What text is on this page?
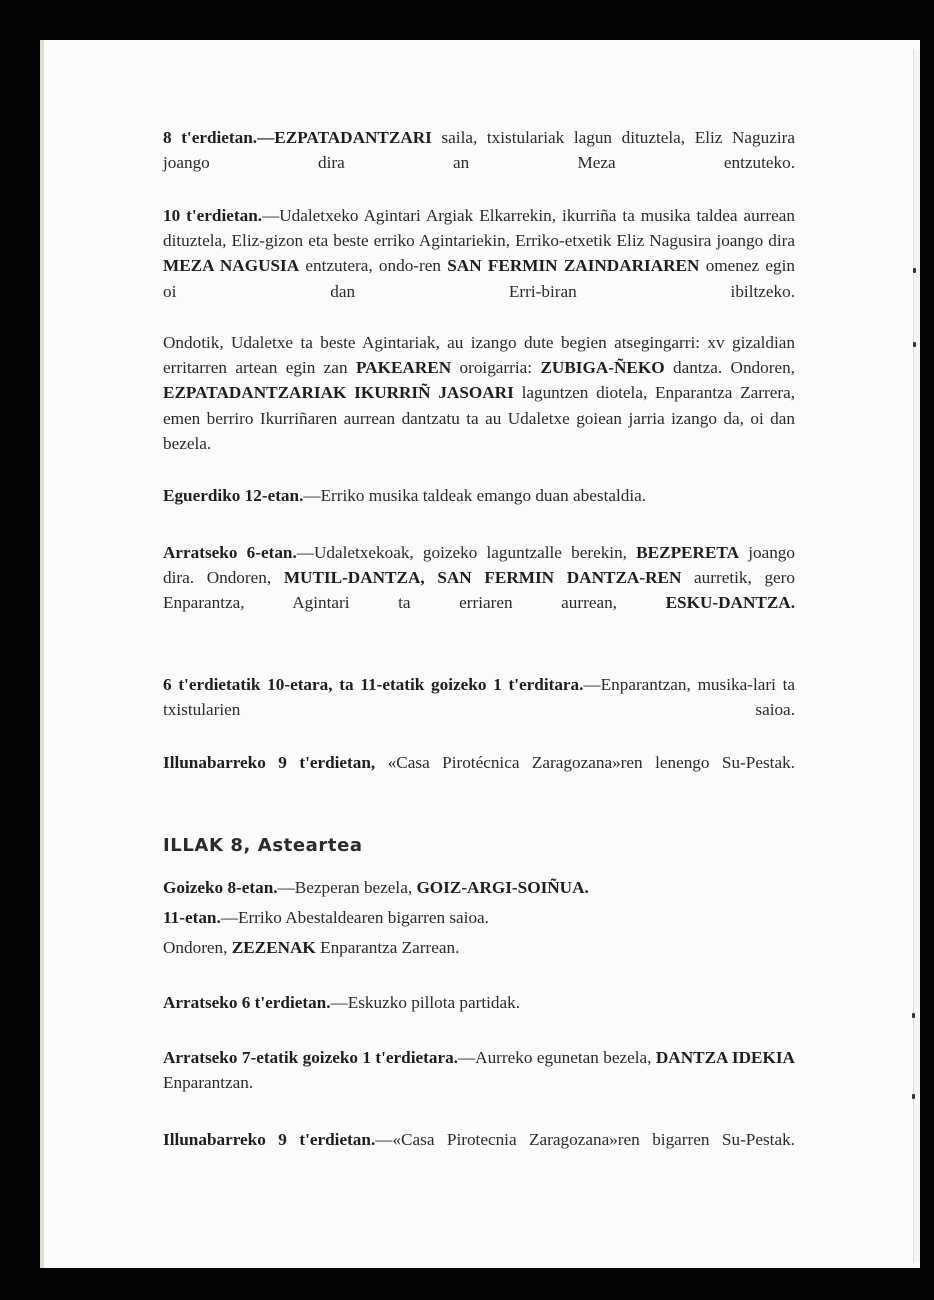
8 t'erdietan.—EZPATADANTZARI saila, txistulariak lagun dituztela, Eliz Naguzira joango dira an Meza entzuteko.

10 t'erdietan.—Udaletxeko Agintari Argiak Elkarrekin, ikurriña ta musika taldea aurrean dituztela, Eliz-gizon eta beste erriko Agintariekin, Erriko-etxetik Eliz Nagusira joango dira MEZA NAGUSIA entzutera, ondo-ren SAN FERMIN ZAINDARIAREN omenez egin oi dan Erri-biran ibiltzeko.

Ondotik, Udaletxe ta beste Agintariak, au izango dute begien atsegingarri: xv gizaldian erritarren artean egin zan PAKEAREN oroigarria: ZUBIGA-ÑEKO dantza. Ondoren, EZPATADANTZARIAK IKURRIÑ JASOARI laguntzen diotela, Enparantza Zarrera, emen berriro Ikurriñaren aurrean dantzatu ta au Udaletxe goiean jarria izango da, oi dan bezela.

Eguerdiko 12-etan.—Erriko musika taldeak emango duan abestaldia.

Arratseko 6-etan.—Udaletxekoak, goizeko laguntzalle berekin, BEZPERETA joango dira. Ondoren, MUTIL-DANTZA, SAN FERMIN DANTZA-REN aurretik, gero Enparantza, Agintari ta erriaren aurrean, ESKU-DANTZA.

6 t'erdietatik 10-etara, ta 11-etatik goizeko 1 t'erditara.—Enparantzan, musika-lari ta txistularien saioa.

Illunabarreko 9 t'erdietan, «Casa Pirotécnica Zaragozana»ren lenengo Su-Pestak.

ILLAK 8, Asteartea

Goizeko 8-etan.—Bezperan bezela, GOIZ-ARGI-SOIÑUA.

11-etan.—Erriko Abestaldearen bigarren saioa.

Ondoren, ZEZENAK Enparantza Zarrean.

Arratseko 6 t'erdietan.—Eskuzko pillota partidak.

Arratseko 7-etatik goizeko 1 t'erdietara.—Aurreko egunetan bezela, DANTZA IDEKIA Enparantzan.

Illunabarreko 9 t'erdietan.—«Casa Pirotecnia Zaragozana»ren bigarren Su-Pestak.
